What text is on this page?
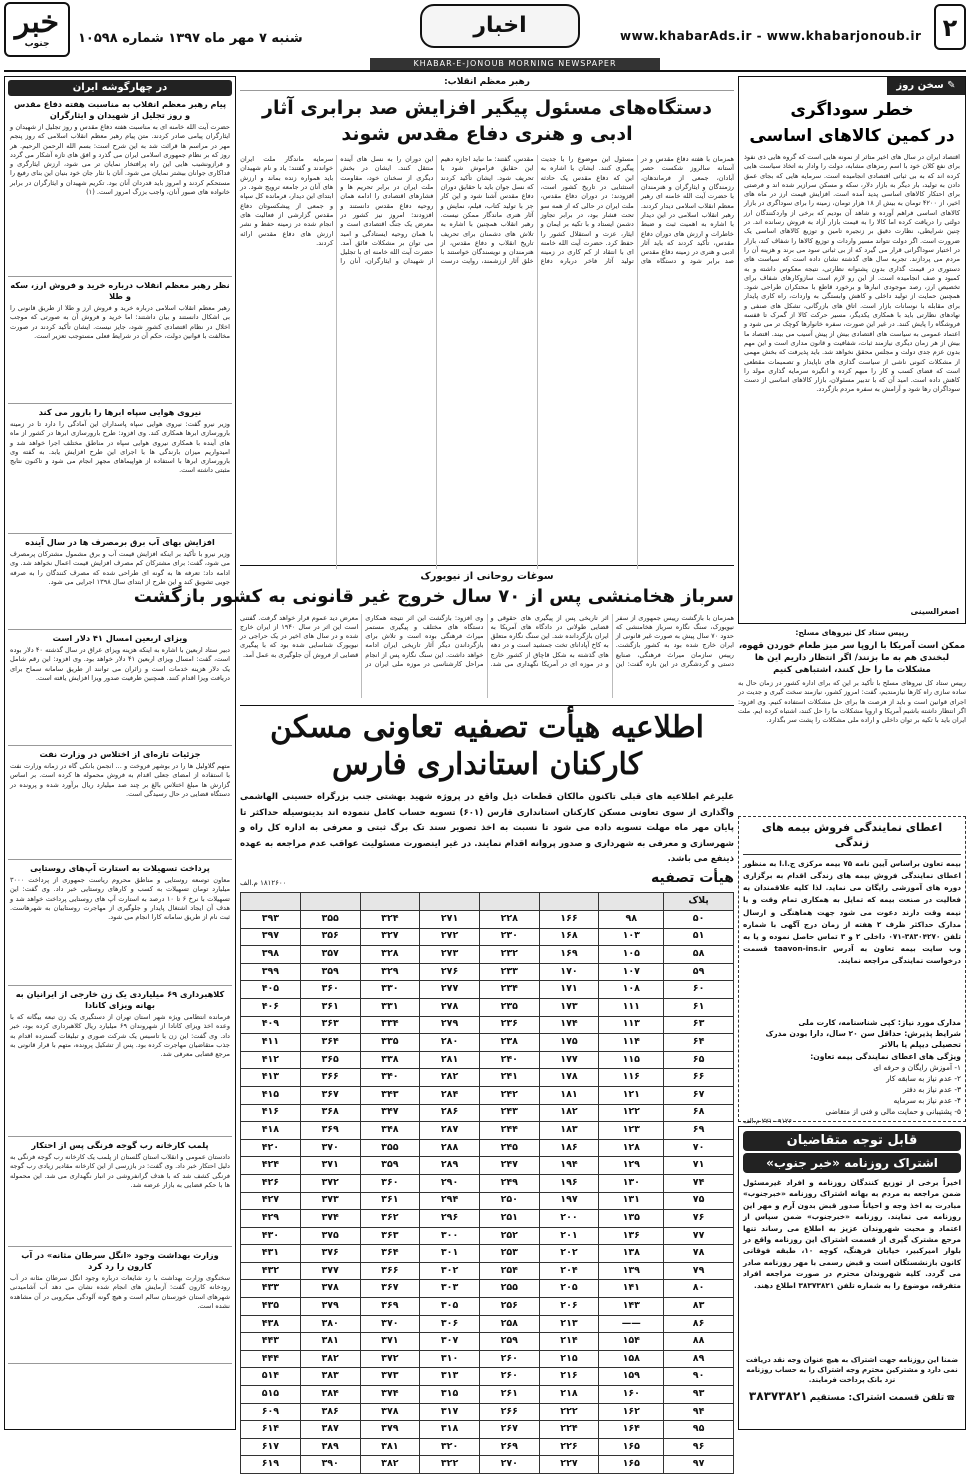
خبر
جنوب شنبه ۷ مهر ماه ۱۳۹۷ شماره ۱۰۵۹۸
اخبار	www.khabarAds.ir - www.khabarjonoub.ir ۲
KHABAR-E-JONOUB MORNING NEWSPAPER
✎ سخن روز
خطر سوداگری
در کمین کالاهای اساسی
اقتصاد ایران در سال های اخیر متاثر از نمونه هایی است که گروه هایی ذی نفوذ برای نفع کلان خود با اسم رمزهای مشابه، دولت را وادار به اتخاذ سیاست هایی کرده اند که به بی ثباتی اقتصادی انجامیده است. سرمایه هایی که بجای عمق دادن به تولید، بار دیگر به بازار دلار، سکه و مسکن سرازیر شده اند و فرصتی برای احتکار کالاهای اساسی پدید آمده است. افزایش قیمت ارز در ماه های اخیر، از ۴۲۰۰ تومان به بیش از ۱۸ هزار تومان، زمینه را برای سوداگری در بازار کالاهای اساسی فراهم آورده و شاهد آن بودیم که برخی از واردکنندگان ارز دولتی را دریافت کرده اما کالا را به قیمت بازار آزاد به فروش رسانده اند. در چنین شرایطی، نظارت دقیق بر زنجیره تامین و توزیع کالاهای اساسی یک ضرورت است. اگر دولت نتواند مسیر واردات و توزیع کالاها را شفاف کند، بازار در اختیار سوداگرانی قرار می گیرد که از بی ثباتی سود می برند و هزینه آن را مردم می پردازند. تجربه سال های گذشته نشان داده است که سیاست های دستوری در قیمت گذاری بدون پشتوانه نظارتی، نتیجه معکوس داشته و به کمبود و صف انجامیده است. از این رو لازم است سازوکارهای شفاف برای تخصیص ارز، رصد موجودی انبارها و برخورد قاطع با محتکران طراحی شود. همچنین حمایت از تولید داخلی و کاهش وابستگی به واردات، راه کاری پایدار برای مقابله با نوسانات بازار است. اتاق های بازرگانی، تشکل های صنفی و نهادهای نظارتی باید با همکاری یکدیگر، مسیر حرکت کالا از گمرک تا قفسه فروشگاه را پایش کنند. در غیر این صورت، سفره خانوارها کوچک تر می شود و اعتماد عمومی به سیاست های اقتصادی بیش از پیش آسیب می بیند. اقتصاد ما بیش از هر زمان دیگری نیازمند ثبات، شفافیت و قانون مداری است و این مهم بدون عزم جدی دولت و مجلس محقق نخواهد شد. باید پذیرفت که بخش مهمی از مشکلات کنونی ناشی از سیاست گذاری های ناپایدار و تصمیمات مقطعی است که فضای کسب و کار را مبهم کرده و انگیزه سرمایه گذاری مولد را کاهش داده است. امید آن که با تدبیر مسئولان، بازار کالاهای اساسی از دست سوداگران رها شود و آرامش به سفره مردم بازگردد.
اصغرالسینی
رییس ستاد کل نیروهای مسلح:
ممکن است آمریکا با اروپا سر میز طعام خوردن قهوه، لبخندی هم به ما بزنند/ اگر انتظار داریم این ها مشکلات ما را حل کنند، اشتباهی کنیم
رییس ستاد کل نیروهای مسلح با تأکید بر این که برای اداره کشور در زمان حال به ساده سازی راه کارها نیازمندیم، گفت: امروز کشور، نیازمند سخت گیری و جدیت در اجرای قوانین است و باید از فرصت ها برای حل مشکلات استفاده کنیم. وی افزود: اگر انتظار داشته باشیم آمریکا و اروپا مشکلات ما را حل کنند، اشتباه کرده ایم. ملت ایران باید با تکیه بر توان داخلی و اراده ملی مشکلات را پشت سر بگذارد.
اعطای نمایندگی فروش بیمه های زندگی
بیمه تعاون براساس آیین نامه ۷۵ بیمه مرکزی ج.ا.ا به منظور اعطای نمایندگی فروش بیمه های زندگی اقدام به برگزاری دوره های آموزشی رایگان می نماید. لذا کلیه علاقمندان به فعالیت در صنعت بیمه که تمایل به همکاری تمام وقت و یا نیمه وقت دارند دعوت می شود جهت هماهنگی و ارسال مدارک حداکثر ظرف ۲ هفته از زمان درج آگهی با شماره تلفن ۳۸۳۰۴۲۷۰-۰۷۱ داخلی ۲ و ۳ تماس حاصل نموده و یا به وب سایت بیمه تعاون به آدرس taavon-ins.ir قسمت درخواست نمایندگی مراجعه نمایند.
مدارک مورد نیاز: کپی شناسنامه، کارت ملی
شرایط پذیرش: حداقل سن ۲۰ سال، دارا بودن مدرک تحصیلی دیپلم یا بالاتر
ویژگی های اعطای نمایندگی بیمه تعاون:
۱- آموزش رایگان و حرفه ای
۲- عدم نیاز به سابقه کار
۳- عدم نیاز به دفتر
۴- عدم نیاز به سرمایه
۵- پشتیبانی و حمایت مالی و فنی از متقاضی
۲۷۱۰-۹۱۲۶ م.الف
قابل توجه متقاضیان
اشتراک روزنامه «خبر جنوب»
اخیراً برخی از توزیع کنندگان روزنامه و افراد غیرمسئول ضمن مراجعه به مردم به بهانه اشتراک روزنامه «خبرجنوب» مبادرت به اخذ وجه و احیاناً صدور قبض بدون آرم و مهر این روزنامه می نمایند. روزنامه «خبرجنوب» ضمن سپاس از اعتماد و محبت شهروندان عزیز به اطلاع می رساند تنها مرجع مشترک گیری از قسمت اشتراک این روزنامه واقع در بلوار امیرکبیر، خیابان فرهنگ، کوچه ۱۰، طبقه فوقانی کانون بازنشستگان است و قبض رسمی با مهر روزنامه صادر می گردد. کلیه شهروندان محترم در صورت مراجعه افراد متفرقه، موضوع را به شماره تلفن ۳۸۳۷۳۸۲۱ اطلاع دهند.
ضمنا این روزنامه جهت اشتراک به هیچ عنوان وجه نقد دریافت نمی دارد و مشترکین محترم وجه اشتراک را به حساب روزنامه نزد بانک پرداخت فرمایند.
☎ تلفن قسمت اشتراک: مستقیم ۳۸۳۷۳۸۲۱
رهبر معظم انقلاب:
دستگاه‌های مسئول پیگیر افزایش صد برابری آثار ادبی و هنری دفاع مقدس شوند
همزمان با هفته دفاع مقدس و در آستانه سالروز شکست حصر آبادان، جمعی از فرماندهان، رزمندگان و ایثارگران و هنرمندان با حضرت آیت الله خامنه ای رهبر معظم انقلاب اسلامی دیدار کردند. رهبر انقلاب اسلامی در این دیدار با اشاره به اهمیت ثبت و ضبط خاطرات و ارزش های دوران دفاع مقدس، تأکید کردند که باید آثار ادبی و هنری در زمینه دفاع مقدس صد برابر شود و دستگاه های مسئول این موضوع را با جدیت پیگیری کنند. ایشان با اشاره به این که دفاع مقدس یک حادثه استثنایی در تاریخ کشور است، افزودند: در دوران دفاع مقدس، ملت ایران در حالی که از همه سو تحت فشار بود، در برابر تجاوز دشمن ایستاد و با تکیه بر ایمان و ایثار، عزت و استقلال کشور را حفظ کرد. حضرت آیت الله خامنه ای با انتقاد از کم کاری در زمینه تولید آثار فاخر درباره دفاع مقدس، گفتند: ما نباید اجازه دهیم این حقایق فراموش شود یا تحریف شود. ایشان تأکید کردند که نسل جوان باید با حقایق دوران دفاع مقدس آشنا شود و این کار جز با تولید کتاب، فیلم، نمایش و آثار هنری ماندگار ممکن نیست. رهبر انقلاب همچنین با اشاره به تلاش های دشمنان برای تحریف تاریخ انقلاب و دفاع مقدس، از هنرمندان و نویسندگان خواستند با خلق آثار ارزشمند، روایت درست این دوران را به نسل های آینده منتقل کنند. ایشان در بخش دیگری از سخنان خود، مقاومت ملت ایران در برابر تحریم ها و فشارهای اقتصادی را ادامه همان روحیه دفاع مقدس دانستند و افزودند: امروز نیز کشور در معرض یک جنگ اقتصادی است و با همان روحیه ایستادگی و امید می توان بر مشکلات فائق آمد. حضرت آیت الله خامنه ای با تجلیل از شهیدان و ایثارگران، آنان را سرمایه ماندگار ملت ایران خواندند و گفتند: یاد و نام شهیدان باید همواره زنده بماند و ارزش های آنان در جامعه ترویج شود. در ابتدای این دیدار، فرمانده کل سپاه و جمعی از پیشکسوتان دفاع مقدس گزارشی از فعالیت های انجام شده در زمینه حفظ و نشر ارزش های دفاع مقدس ارائه کردند.
سوغات روحانی از نیویورک
سرباز هخامنشی پس از ۷۰ سال خروج غیر قانونی به کشور بازگشت
همزمان با بازگشت رییس جمهوری از سفر نیویورک، سنگ نگاره سرباز هخامنشی که حدود ۷۰ سال پیش به صورت غیر قانونی از ایران خارج شده بود به کشور بازگشت. رییس سازمان میراث فرهنگی، صنایع دستی و گردشگری در این باره گفت: این اثر تاریخی پس از پیگیری های حقوقی و قضایی طولانی در دادگاه های آمریکا به ایران بازگردانده شد. این سنگ نگاره متعلق به کاخ آپادانای تخت جمشید است و در دهه های گذشته به شکل قاچاق از کشور خارج و در موزه ای در آمریکا نگهداری می شد. وی افزود: بازگشت این اثر نتیجه همکاری دستگاه های مختلف و پیگیری مستمر میراث فرهنگی بوده است و تلاش برای بازگرداندن دیگر آثار تاریخی ایران ادامه خواهد داشت. این سنگ نگاره پس از انجام مراحل کارشناسی در موزه ملی ایران در معرض دید عموم قرار خواهد گرفت. گفتنی است این اثر در سال ۱۹۴۰ از ایران خارج شده و در سال های اخیر در یک حراجی در نیویورک شناسایی شده بود که با پیگیری قضایی از فروش آن جلوگیری به عمل آمد.
اطلاعیه هیأت تصفیه تعاونی مسکن
کارکنان استانداری فارس
علیرغم اطلاعیه های قبلی تاکنون مالکان قطعات ذیل واقع در پروژه شهید بهشتی جنب بزرگراه حسینی الهاشمی واگذاری از سوی تعاونی مسکن کارکنان استانداری فارس (۶۰۱) تسویه حساب کامل ننموده اند بدینوسیله حداکثر تا پایان مهر ماه مهلت تسویه داده می شود تا نسبت به اخذ تصویر سند تک برگ ثبتی و معرفی به اداره کل راه و شهرسازی و معرفی به شهرداری و صدور پروانه اقدام نمایند. در غیر اینصورت مسئولیت عواقب عدم مراجعه به عهده ذینفع می باشد.
هیأت تصفیه
۱۸۱۲۶۰۰ م.الف
پلاک							
۵۰	۹۸	۱۶۶	۲۲۸	۲۷۱	۳۲۴	۳۵۵	۳۹۳
۵۱	۱۰۳	۱۶۸	۲۳۰	۲۷۲	۳۲۷	۳۵۶	۳۹۷
۵۸	۱۰۵	۱۶۹	۲۳۲	۲۷۳	۳۲۸	۳۵۷	۳۹۸
۵۹	۱۰۷	۱۷۰	۲۳۳	۲۷۶	۳۲۹	۳۵۹	۳۹۹
۶۰	۱۰۸	۱۷۱	۲۳۴	۲۷۷	۳۳۰	۳۶۰	۴۰۵
۶۱	۱۱۱	۱۷۳	۲۳۵	۲۷۸	۳۳۱	۳۶۱	۴۰۶
۶۳	۱۱۳	۱۷۴	۲۳۶	۲۷۹	۳۳۴	۳۶۳	۴۰۹
۶۴	۱۱۴	۱۷۵	۲۳۸	۲۸۰	۳۳۵	۳۶۴	۴۱۱
۶۵	۱۱۵	۱۷۷	۲۴۰	۲۸۱	۳۳۸	۳۶۵	۴۱۲
۶۶	۱۱۶	۱۷۸	۲۴۱	۲۸۲	۳۴۰	۳۶۶	۴۱۳
۶۷	۱۲۱	۱۸۱	۲۴۲	۲۸۴	۳۴۳	۳۶۷	۴۱۵
۶۸	۱۲۲	۱۸۲	۲۴۳	۲۸۶	۳۴۷	۳۶۸	۴۱۶
۶۹	۱۲۳	۱۸۳	۲۴۴	۲۸۷	۳۴۸	۳۶۹	۴۱۸
۷۰	۱۲۸	۱۸۶	۲۴۵	۲۸۸	۳۵۵	۳۷۰	۴۲۰
۷۱	۱۲۹	۱۹۴	۲۴۷	۲۸۹	۳۵۹	۳۷۱	۴۲۴
۷۴	۱۳۰	۱۹۶	۲۴۹	۲۹۰	۳۶۰	۳۷۲	۴۲۶
۷۵	۱۳۱	۱۹۷	۲۵۰	۲۹۴	۳۶۱	۳۷۳	۴۲۷
۷۶	۱۳۵	۲۰۰	۲۵۱	۲۹۶	۳۶۲	۳۷۴	۴۲۹
۷۷	۱۳۶	۲۰۱	۲۵۲	۳۰۰	۳۶۳	۳۷۵	۴۳۰
۷۸	۱۳۸	۲۰۲	۲۵۳	۳۰۱	۳۶۴	۳۷۶	۴۳۱
۷۹	۱۳۹	۲۰۴	۲۵۴	۳۰۲	۳۶۶	۳۷۷	۴۳۲
۸۰	۱۴۱	۲۰۵	۲۵۵	۳۰۳	۳۶۷	۳۷۸	۴۳۳
۸۳	۱۴۳	۲۰۶	۲۵۶	۳۰۵	۳۶۹	۳۷۹	۴۳۵
۸۶	——	۲۱۳	۲۵۸	۳۰۶	۳۷۰	۳۸۰	۴۳۸
۸۸	۱۵۴	۲۱۴	۲۵۹	۳۰۷	۳۷۱	۳۸۱	۴۴۳
۸۹	۱۵۸	۲۱۵	۲۶۰	۳۱۰	۳۷۲	۳۸۲	۴۴۴
۹۰	۱۵۹	۲۱۶	۲۶۰	۳۱۳	۳۷۳	۳۸۳	۵۱۴
۹۳	۱۶۰	۲۱۸	۲۶۱	۳۱۵	۳۷۴	۳۸۴	۵۱۵
۹۴	۱۶۲	۲۲۲	۲۶۶	۳۱۷	۳۷۸	۳۸۶	۶۰۹
۹۵	۱۶۴	۲۲۴	۲۶۷	۳۱۸	۳۷۹	۳۸۷	۶۱۴
۹۶	۱۶۵	۲۲۶	۲۶۹	۳۲۰	۳۸۱	۳۸۹	۶۱۷
۹۷	۱۶۵	۲۲۷	۲۷۰	۳۲۲	۳۸۲	۳۹۰	۶۱۹
در چهارگوشه ایران
پیام رهبر معظم انقلاب به مناسبت هفته دفاع مقدس و روز تجلیل از شهیدان و ایثارگران
حضرت آیت الله خامنه ای به مناسبت هفته دفاع مقدس و روز تجلیل از شهیدان و ایثارگران پیامی صادر کردند. متن پیام رهبر معظم انقلاب اسلامی که روز پنجم مهر در مراسم ها قرائت شد به این شرح است: بسم الله الرحمن الرحیم. هر روز که بر نظام جمهوری اسلامی ایران می گذرد و افق های تازه آشکار می گردد و فرازونشیب هایی این راه پرافتخار نمایان تر می شود، ارزش ایثارگری و فداکاری جوانان بیشتر نمایان می شود. آنان با نثار جان خود بنیان این بنای رفیع را مستحکم کردند و امروز باید قدردان آنان بود. تکریم شهیدان و ایثارگران در برابر خانواده های صبور آنان، واجب بزرگ امروز است. (۱)
نظر رهبر معظم انقلاب درباره خرید و فروش ارز، سکه و طلا
رهبر معظم انقلاب اسلامی درباره خرید و فروش ارز و طلا از طریق قانونی را بی اشکال دانستند و بیان داشتند: اما خرید و فروش آن به صورتی که موجب اخلال در نظام اقتصادی کشور شود، جایز نیست. ایشان تأکید کردند در صورت مخالفت با قوانین دولت، حکم آن در شرایط فعلی مستوجب تعزیر است.
نیروی هوایی سپاه ابرها را بارور می کند
وزیر نیرو گفت: نیروی هوایی سپاه پاسداران این آمادگی را دارد تا در زمینه بارورسازی ابرها همکاری کند. وی افزود: طرح بارورسازی ابرها در کشور از ماه های آینده با همکاری نیروی هوایی سپاه در مناطق مختلف اجرا خواهد شد و امیدواریم میزان بارندگی ها با اجرای این طرح افزایش یابد. به گفته وی بارورسازی ابرها با استفاده از هواپیماهای مجهز انجام می شود و تاکنون نتایج مثبتی داشته است.
افزایش بهای آب برق برمصرف ها در سال آینده
وزیر نیرو با تأکید بر اینکه افزایش قیمت آب و برق مشمول مشترکان پرمصرف می شود، گفت: برای مشترکان کم مصرف افزایش قیمت اعمال نخواهد شد. وی ادامه داد: تعرفه ها به گونه ای طراحی شده که مصرف کنندگان را به صرفه جویی تشویق کند و این طرح از ابتدای سال ۱۳۹۸ اجرایی می شود.
ویزای اربعین امسال ۴۱ دلار است
دبیر ستاد اربعین با اشاره به اینکه هزینه ویزای عراق در سال گذشته ۴۰ دلار بوده است، گفت: امسال ویزای اربعین ۴۱ دلار خواهد بود. وی افزود: این رقم شامل یک دلار هزینه خدمات است و زائران می توانند از طریق سامانه سماح برای دریافت ویزا اقدام کنند. همچنین ظرفیت صدور ویزا افزایش یافته است.
جزئیات تازه‌ای از اختلاس در وزارت نفت
متهم گلاولیل ها را در بوشهر فروخت و ... انجمن بانکی گاه در زمانه وزارت نفت با استفاده از امضای جعلی اقدام به فروش محموله ها کرده است. بر اساس گزارش ها مبلغ اختلاس بالغ بر چند صد میلیارد ریال برآورد شده و پرونده در دستگاه قضایی در حال رسیدگی است.
پرداخت تسهیلات به استارت آپ‌های روستایی
معاون توسعه روستایی و مناطق محروم ریاست جمهوری از پرداخت ۳۰۰۰ میلیارد تومان تسهیلات به کسب و کارهای روستایی خبر داد. وی گفت: این تسهیلات با نرخ ۶ تا ۱۰ درصد به استارت آپ های روستایی پرداخت خواهد شد و هدف آن ایجاد اشتغال پایدار و جلوگیری از مهاجرت روستاییان به شهرهاست. ثبت نام از طریق سامانه کارا انجام می شود.
کلاهبرداری ۶۹ میلیاردی یک زن خارجی از ایرانیان به بهانه ویزای کانادا
فرمانده انتظامی ویژه شهر استان تهران از دستگیری یک زن تبعه بیگانه که با وعده اخذ ویزای کانادا از شهروندان ۶۹ میلیارد ریال کلاهبرداری کرده بود، خبر داد. وی گفت: این زن با تاسیس یک شرکت صوری و تبلیغات گسترده اقدام به جذب متقاضیان مهاجرت کرده بود. پس از تشکیل پرونده، متهم با قرار قانونی به مرجع قضایی معرفی شد.
پلمب کارخانه رب گوجه فرنگی پس از احتکار
دادستان عمومی و انقلاب استان گلستان از پلمب یک کارخانه رب گوجه فرنگی به دلیل احتکار خبر داد. وی گفت: در بازرسی از این کارخانه مقادیر زیادی رب گوجه فرنگی کشف شد که با هدف گرانفروشی در انبار نگهداری می شد. این محموله ها با حکم قضایی به بازار عرضه شد.
وزارت بهداشت وجود «انگل سرطان مثانه» در آب کارون را رد کرد
سخنگوی وزارت بهداشت با رد شایعات درباره وجود انگل سرطان مثانه در آب رودخانه کارون گفت: آزمایش های انجام شده نشان می دهد آب آشامیدنی شهرهای استان خوزستان سالم است و هیچ گونه آلودگی میکروبی در آن مشاهده نشده است.
